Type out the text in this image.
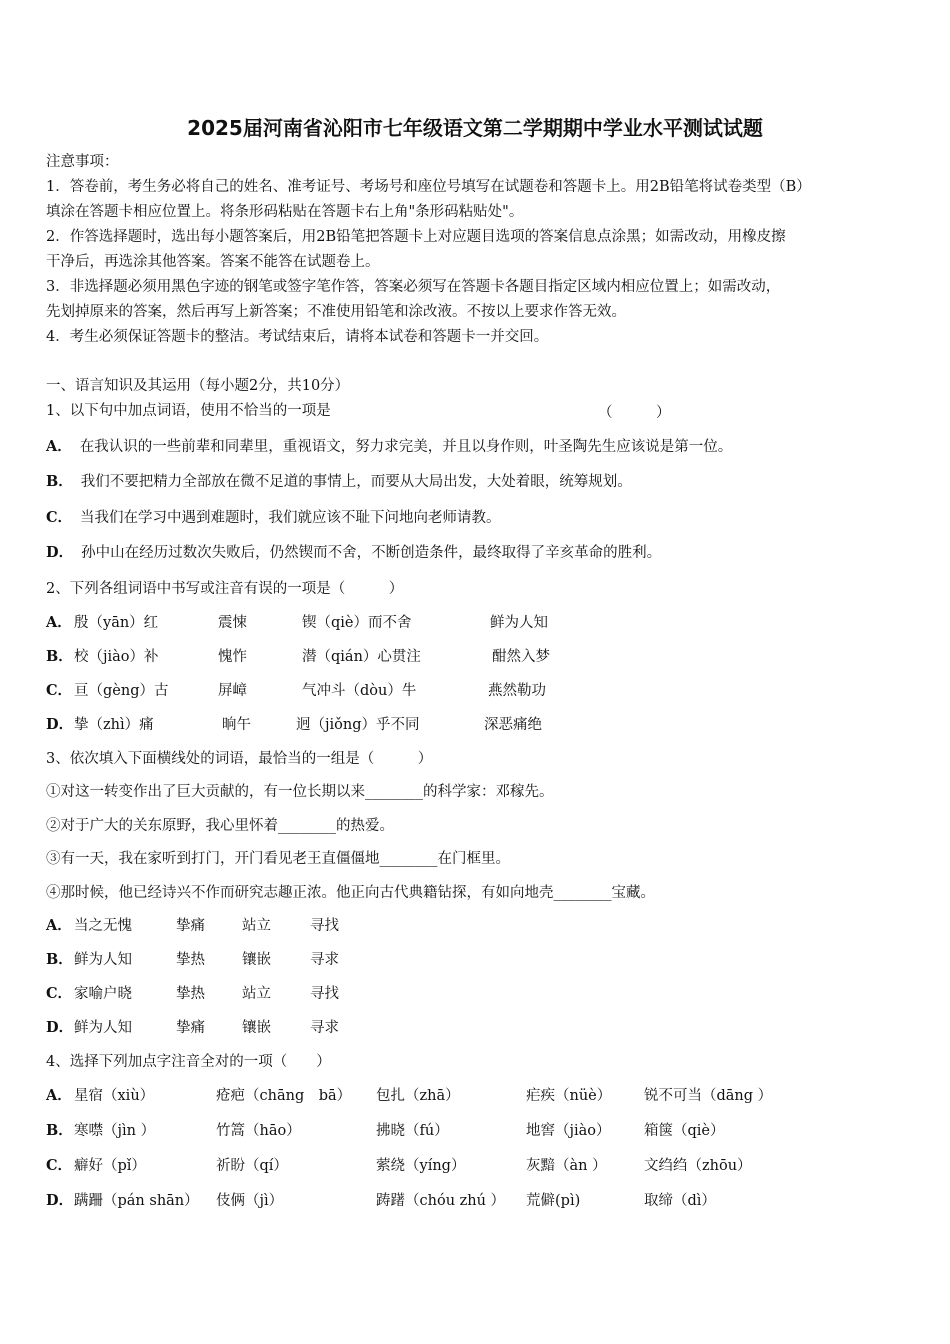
2025届河南省沁阳市七年级语文第二学期期中学业水平测试试题
注意事项：
1．答卷前，考生务必将自己的姓名、准考证号、考场号和座位号填写在试题卷和答题卡上。用2B铅笔将试卷类型（B）
填涂在答题卡相应位置上。将条形码粘贴在答题卡右上角"条形码粘贴处"。
2．作答选择题时，选出每小题答案后，用2B铅笔把答题卡上对应题目选项的答案信息点涂黑；如需改动，用橡皮擦
干净后，再选涂其他答案。答案不能答在试题卷上。
3．非选择题必须用黑色字迹的钢笔或签字笔作答，答案必须写在答题卡各题目指定区域内相应位置上；如需改动，
先划掉原来的答案，然后再写上新答案；不准使用铅笔和涂改液。不按以上要求作答无效。
4．考生必须保证答题卡的整洁。考试结束后，请将本试卷和答题卡一并交回。
一、语言知识及其运用（每小题2分，共10分）
1、以下句中加点词语，使用不恰当的一项是	（　　　）
A． 在我认识的一些前辈和同辈里，重视语文，努力求完美，并且以身作则，叶圣陶先生应该说是第一位。
B． 我们不要把精力全部放在微不足道的事情上，而要从大局出发，大处着眼，统筹规划。
C． 当我们在学习中遇到难题时，我们就应该不耻下问地向老师请教。
D． 孙中山在经历过数次失败后，仍然锲而不舍，不断创造条件，最终取得了辛亥革命的胜利。
2、下列各组词语中书写或注音有误的一项是（　　　）
A． 殷（yān）红	震悚	锲（qiè）而不舍	鲜为人知
B． 校（jiào）补	愧怍	潜（qián）心贯注	酣然入梦
C． 亘（gèng）古	屏嶂	气冲斗（dòu）牛	燕然勒功
D． 挚（zhì）痛	晌午	迥（jiǒng）乎不同	深恶痛绝
3、依次填入下面横线处的词语，最恰当的一组是（　　　）
①对这一转变作出了巨大贡献的，有一位长期以来________的科学家：邓稼先。
②对于广大的关东原野，我心里怀着________的热爱。
③有一天，我在家听到打门，开门看见老王直僵僵地________在门框里。
④那时候，他已经诗兴不作而研究志趣正浓。他正向古代典籍钻探，有如向地壳________宝藏。
A． 当之无愧	挚痛	站立	寻找
B． 鲜为人知	挚热	镶嵌	寻求
C． 家喻户晓	挚热	站立	寻找
D． 鲜为人知	挚痛	镶嵌	寻求
4、选择下列加点字注音全对的一项（　　）
A． 星宿（xiù）	疮疤（chāng　bā） 包扎（zhā）	疟疾（nüè） 锐不可当（dāng ）
B． 寒噤（jìn ）	竹篙（hāo）	拂晓（fú）	地窖（jiào） 箱箧（qiè）
C． 癖好（pǐ）	祈盼（qí）	萦绕（yíng）	灰黯（àn ）	文绉绉（zhōu）
D． 蹒跚（pán shān） 伎俩（jì）	踌躇（chóu zhú ） 荒僻(pì)	取缔（dì）
